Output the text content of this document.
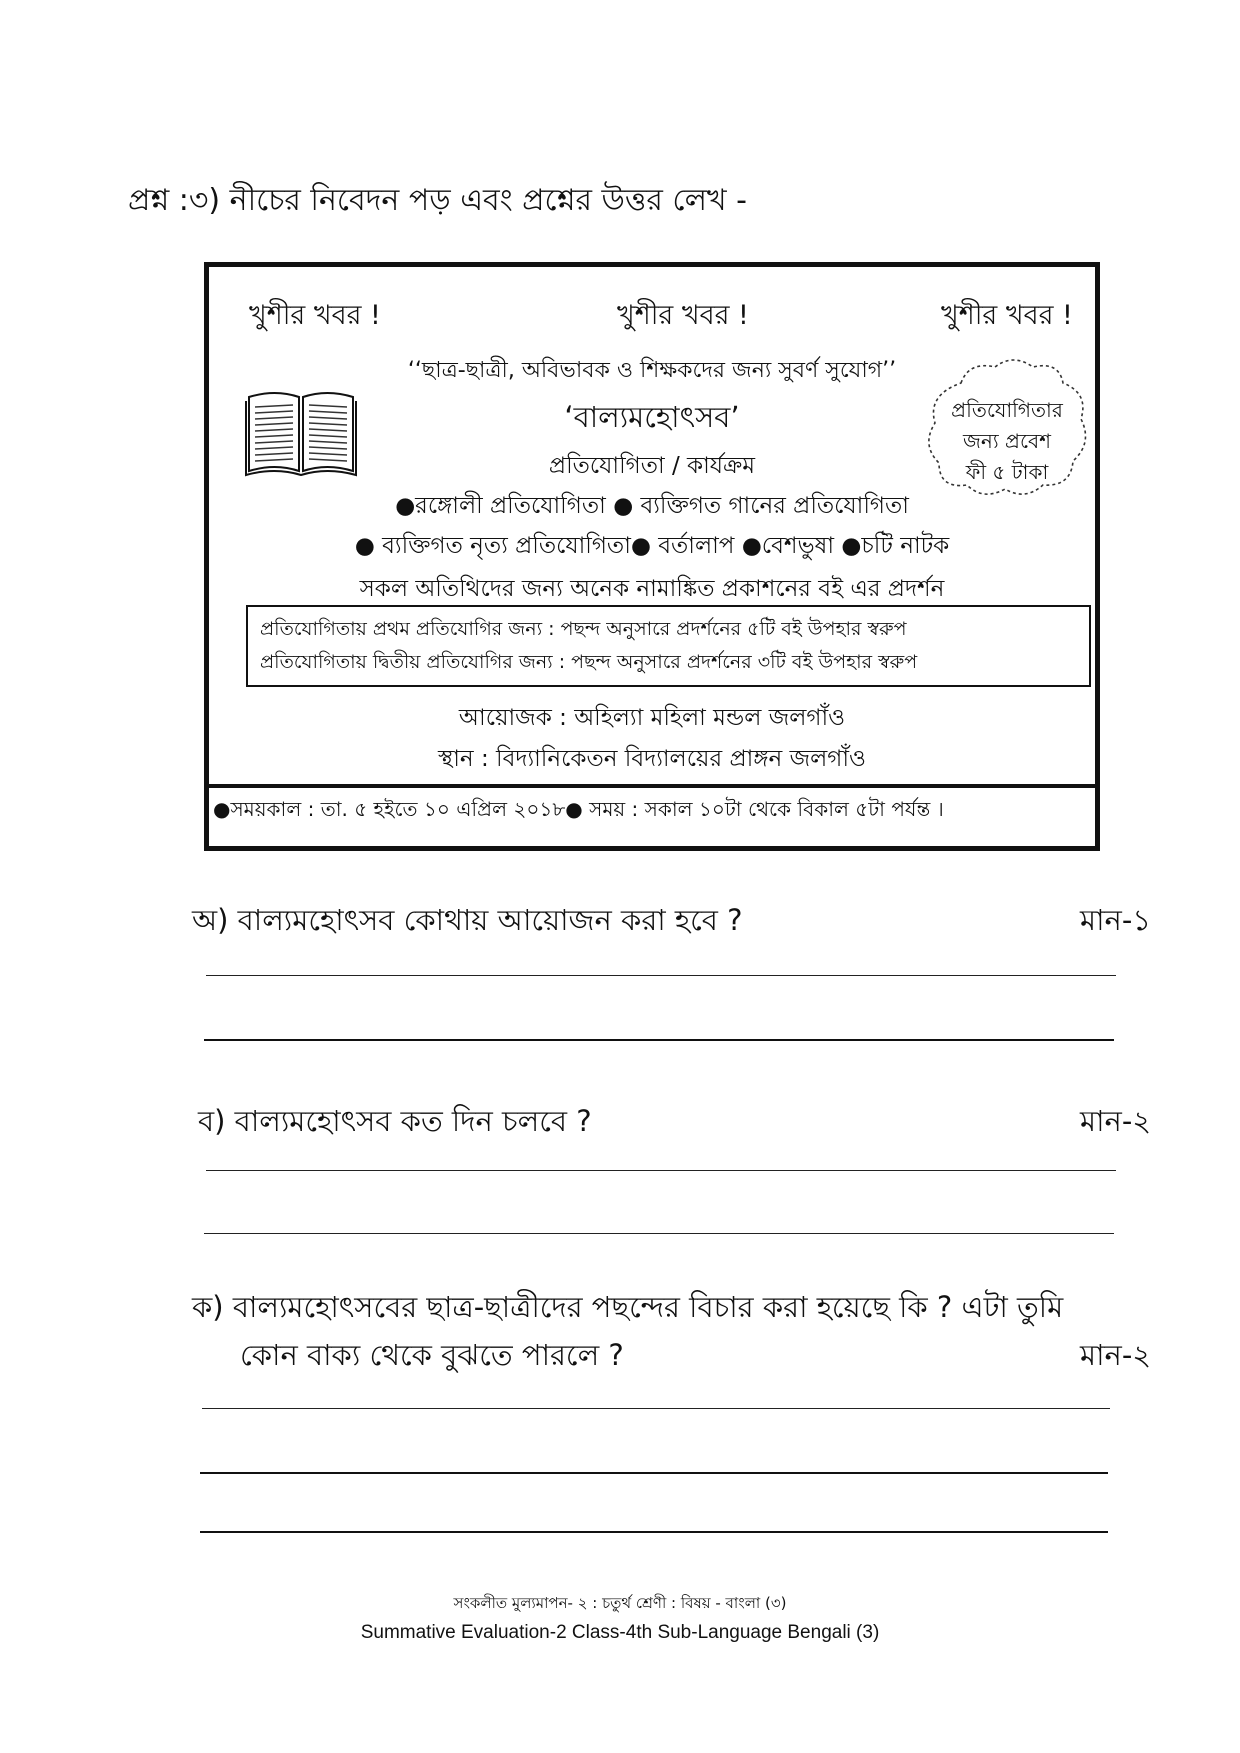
প্রশ্ন :৩) নীচের নিবেদন পড় এবং প্রশ্নের উত্তর লেখ -
খুশীর খবর !	খুশীর খবর !	খুশীর খবর !
‘‘ছাত্র-ছাত্রী, অবিভাবক ও শিক্ষকদের জন্য সুবর্ণ সুযোগ’’
‘বাল্যমহোৎসব’
প্রতিযোগিতা / কার্যক্রম
●রঙ্গোলী প্রতিযোগিতা ● ব্যক্তিগত গানের প্রতিযোগিতা
● ব্যক্তিগত নৃত্য প্রতিযোগিতা● বর্তালাপ ●বেশভুষা ●চটি নাটক
সকল অতিথিদের জন্য অনেক নামাঙ্কিত প্রকাশনের বই এর প্রদর্শন
প্রতিযোগিতার
জন্য প্রবেশ
ফী ৫ টাকা
প্রতিযোগিতায় প্রথম প্রতিযোগির জন্য : পছন্দ অনুসারে প্রদর্শনের ৫টি বই উপহার স্বরুপ
প্রতিযোগিতায় দ্বিতীয় প্রতিযোগির জন্য : পছন্দ অনুসারে প্রদর্শনের ৩টি বই উপহার স্বরুপ
আয়োজক : অহিল্যা মহিলা মন্ডল জলগাঁও
স্থান : বিদ্যানিকেতন বিদ্যালয়ের প্রাঙ্গন জলগাঁও
●সময়কাল : তা. ৫ হইতে ১০ এপ্রিল ২০১৮● সময় : সকাল ১০টা থেকে বিকাল ৫টা পর্যন্ত ।
অ) বাল্যমহোৎসব কোথায় আয়োজন করা হবে ?	মান-১
ব) বাল্যমহোৎসব কত দিন চলবে ?	মান-২
ক) বাল্যমহোৎসবের ছাত্র-ছাত্রীদের পছন্দের বিচার করা হয়েছে কি ? এটা তুমি
কোন বাক্য থেকে বুঝতে পারলে ?	মান-২
সংকলীত মুল্যমাপন- ২ : চতুর্থ শ্রেণী : বিষয় - বাংলা (৩)
Summative Evaluation-2 Class-4th Sub-Language Bengali (3)
